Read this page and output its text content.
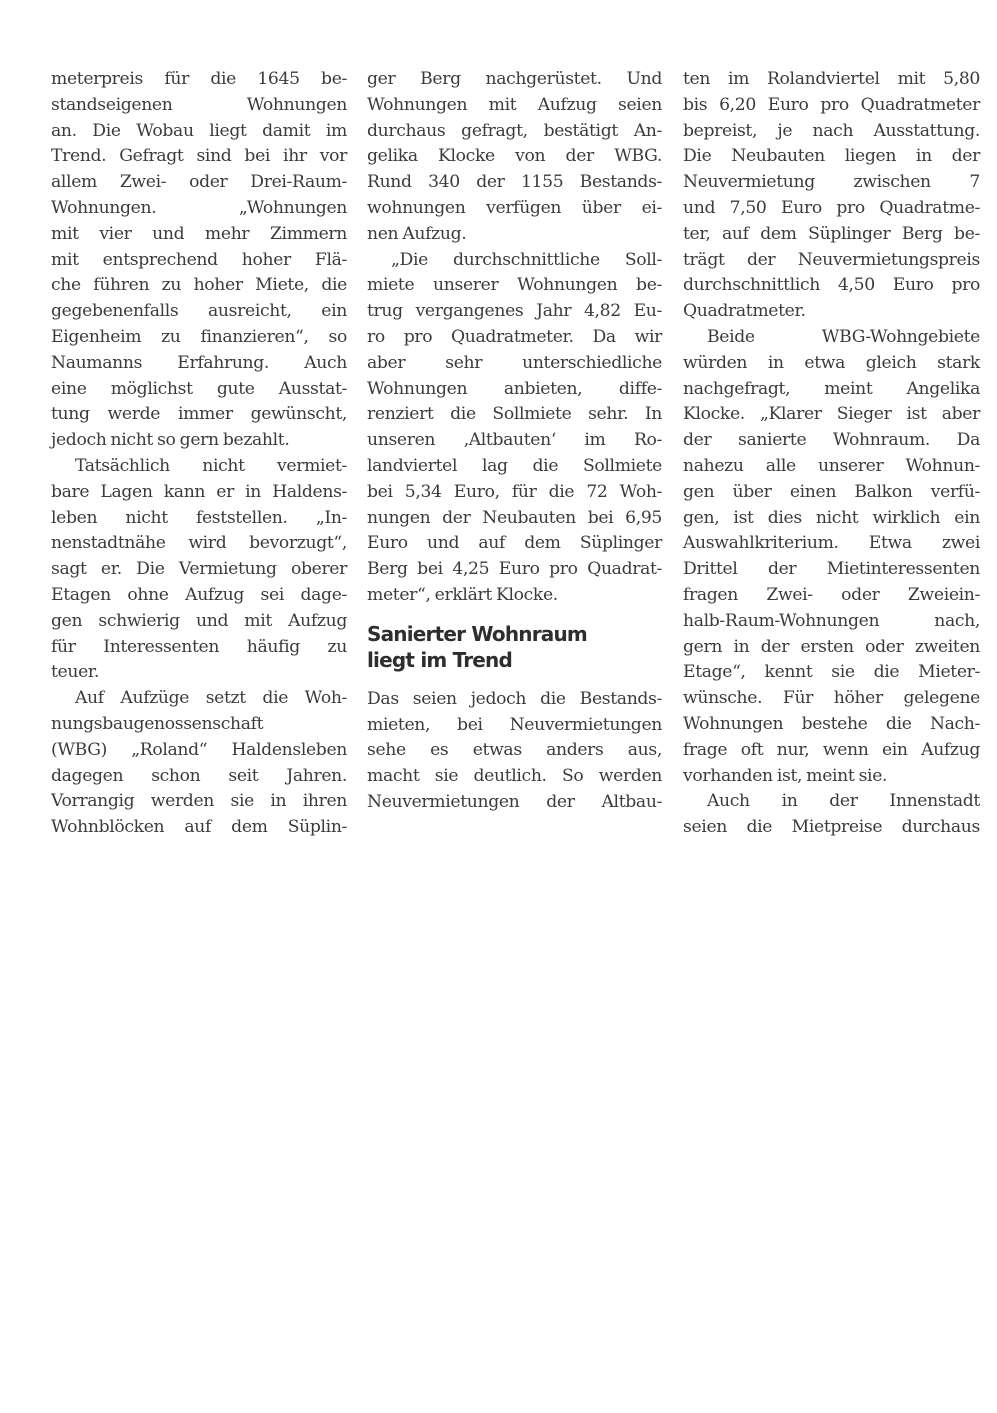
meterpreis für die 1645 be-
standseigenen Wohnungen
an. Die Wobau liegt damit im
Trend. Gefragt sind bei ihr vor
allem Zwei- oder Drei-Raum-
Wohnungen. „Wohnungen
mit vier und mehr Zimmern
mit entsprechend hoher Flä-
che führen zu hoher Miete, die
gegebenenfalls ausreicht, ein
Eigenheim zu finanzieren“, so
Naumanns Erfahrung. Auch
eine möglichst gute Ausstat-
tung werde immer gewünscht,
jedoch nicht so gern bezahlt.
Tatsächlich nicht vermiet-
bare Lagen kann er in Haldens-
leben nicht feststellen. „In-
nenstadtnähe wird bevorzugt“,
sagt er. Die Vermietung oberer
Etagen ohne Aufzug sei dage-
gen schwierig und mit Aufzug
für Interessenten häufig zu
teuer.
Auf Aufzüge setzt die Woh-
nungsbaugenossenschaft
(WBG) „Roland“ Haldensleben
dagegen schon seit Jahren.
Vorrangig werden sie in ihren
Wohnblöcken auf dem Süplin-
ger Berg nachgerüstet. Und
Wohnungen mit Aufzug seien
durchaus gefragt, bestätigt An-
gelika Klocke von der WBG.
Rund 340 der 1155 Bestands-
wohnungen verfügen über ei-
nen Aufzug.
„Die durchschnittliche Soll-
miete unserer Wohnungen be-
trug vergangenes Jahr 4,82 Eu-
ro pro Quadratmeter. Da wir
aber sehr unterschiedliche
Wohnungen anbieten, diffe-
renziert die Sollmiete sehr. In
unseren ‚Altbauten‘ im Ro-
landviertel lag die Sollmiete
bei 5,34 Euro, für die 72 Woh-
nungen der Neubauten bei 6,95
Euro und auf dem Süplinger
Berg bei 4,25 Euro pro Quadrat-
meter“, erklärt Klocke.
Sanierter Wohnraum
liegt im Trend
Das seien jedoch die Bestands-
mieten, bei Neuvermietungen
sehe es etwas anders aus,
macht sie deutlich. So werden
Neuvermietungen der Altbau-
ten im Rolandviertel mit 5,80
bis 6,20 Euro pro Quadratmeter
bepreist, je nach Ausstattung.
Die Neubauten liegen in der
Neuvermietung zwischen 7
und 7,50 Euro pro Quadratme-
ter, auf dem Süplinger Berg be-
trägt der Neuvermietungspreis
durchschnittlich 4,50 Euro pro
Quadratmeter.
Beide WBG-Wohngebiete
würden in etwa gleich stark
nachgefragt, meint Angelika
Klocke. „Klarer Sieger ist aber
der sanierte Wohnraum. Da
nahezu alle unserer Wohnun-
gen über einen Balkon verfü-
gen, ist dies nicht wirklich ein
Auswahlkriterium. Etwa zwei
Drittel der Mietinteressenten
fragen Zwei- oder Zweiein-
halb-Raum-Wohnungen nach,
gern in der ersten oder zweiten
Etage“, kennt sie die Mieter-
wünsche. Für höher gelegene
Wohnungen bestehe die Nach-
frage oft nur, wenn ein Aufzug
vorhanden ist, meint sie.
Auch in der Innenstadt
seien die Mietpreise durchaus
